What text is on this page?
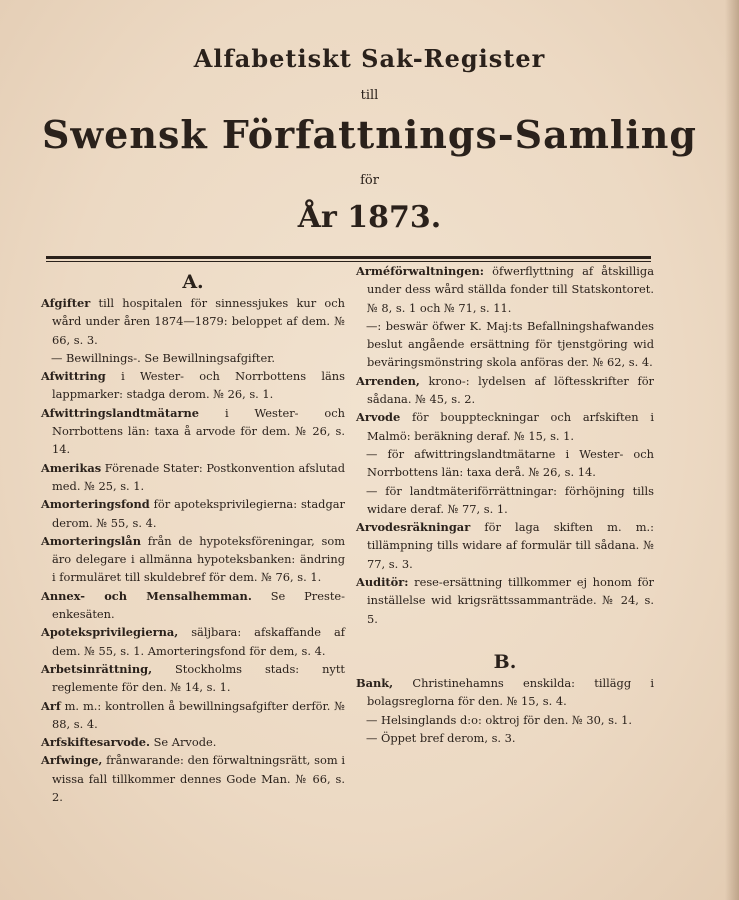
Alfabetiskt Sak-Register
till
Swensk Författnings-Samling
för
År 1873.
A.

Afgifter till hospitalen för sinnessjukes kur och wård under åren 1874—1879: beloppet af dem. № 66, s. 3.

— Bewillnings-. Se Bewillningsafgifter.

Afwittring i Wester- och Norrbottens läns lappmarker: stadga derom. № 26, s. 1.

Afwittringslandtmätarne i Wester- och Norrbottens län: taxa å arvode för dem. № 26, s. 14.

Amerikas Förenade Stater: Postkonvention afslutad med. № 25, s. 1.

Amorteringsfond för apoteksprivilegierna: stadgar derom. № 55, s. 4.

Amorteringslån från de hypoteksföreningar, som äro delegare i allmänna hypoteksbanken: ändring i formuläret till skuldebref för dem. № 76, s. 1.

Annex- och Mensalhemman. Se Preste-enkesäten.

Apoteksprivilegierna, säljbara: afskaffande af dem. № 55, s. 1. Amorteringsfond för dem, s. 4.

Arbetsinrättning, Stockholms stads: nytt reglemente för den. № 14, s. 1.

Arf m. m.: kontrollen å bewillningsafgifter derför. № 88, s. 4.

Arfskiftesarvode. Se Arvode.

Arfwinge, frånwarande: den förwaltningsrätt, som i wissa fall tillkommer dennes Gode Man. № 66, s. 2.

Arméförwaltningen: öfwerflyttning af åtskilliga under dess wård ställda fonder till Statskontoret. № 8, s. 1 och № 71, s. 11.

—: beswär öfwer K. Maj:ts Befallningshafwandes beslut angående ersättning för tjenstgöring wid beväringsmönstring skola anföras der. № 62, s. 4.

Arrenden, krono-: lydelsen af löftesskrifter för sådana. № 45, s. 2.

Arvode för bouppteckningar och arfskiften i Malmö: beräkning deraf. № 15, s. 1.

— för afwittringslandtmätarne i Wester- och Norrbottens län: taxa derå. № 26, s. 14.

— för landtmäteriförrättningar: förhöjning tills widare deraf. № 77, s. 1.

Arvodesräkningar för laga skiften m. m.: tillämpning tills widare af formulär till sådana. № 77, s. 3.

Auditör: rese-ersättning tillkommer ej honom för inställelse wid krigsrättssammanträde. № 24, s. 5.

B.

Bank, Christinehamns enskilda: tillägg i bolagsreglorna för den. № 15, s. 4.

— Helsinglands d:o: oktroj för den. № 30, s. 1.

— Öppet bref derom, s. 3.
